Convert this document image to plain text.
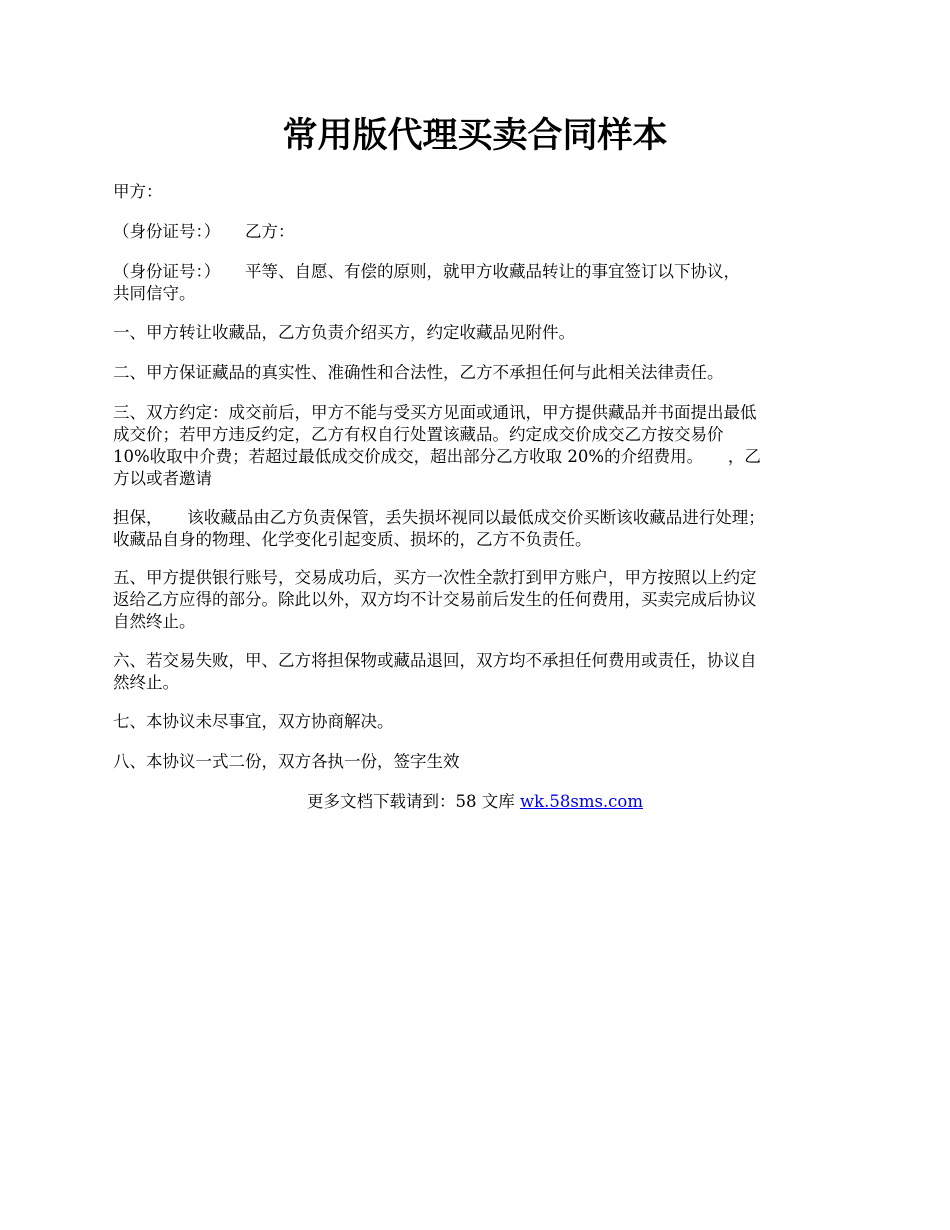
常用版代理买卖合同样本

甲方：

（身份证号：）　　乙方：

（身份证号：）　　平等、自愿、有偿的原则，就甲方收藏品转让的事宜签订以下协议，
共同信守。

一、甲方转让收藏品，乙方负责介绍买方，约定收藏品见附件。

二、甲方保证藏品的真实性、准确性和合法性，乙方不承担任何与此相关法律责任。

三、双方约定：成交前后，甲方不能与受买方见面或通讯，甲方提供藏品并书面提出最低
成交价；若甲方违反约定，乙方有权自行处置该藏品。约定成交价成交乙方按交易价
10%收取中介费；若超过最低成交价成交，超出部分乙方收取 20%的介绍费用。　　，乙
方以或者邀请

担保，　　该收藏品由乙方负责保管，丢失损坏视同以最低成交价买断该收藏品进行处理；
收藏品自身的物理、化学变化引起变质、损坏的，乙方不负责任。

五、甲方提供银行账号，交易成功后，买方一次性全款打到甲方账户，甲方按照以上约定
返给乙方应得的部分。除此以外，双方均不计交易前后发生的任何费用，买卖完成后协议
自然终止。

六、若交易失败，甲、乙方将担保物或藏品退回，双方均不承担任何费用或责任，协议自
然终止。

七、本协议未尽事宜，双方协商解决。

八、本协议一式二份，双方各执一份，签字生效

更多文档下载请到：58 文库 wk.58sms.com
